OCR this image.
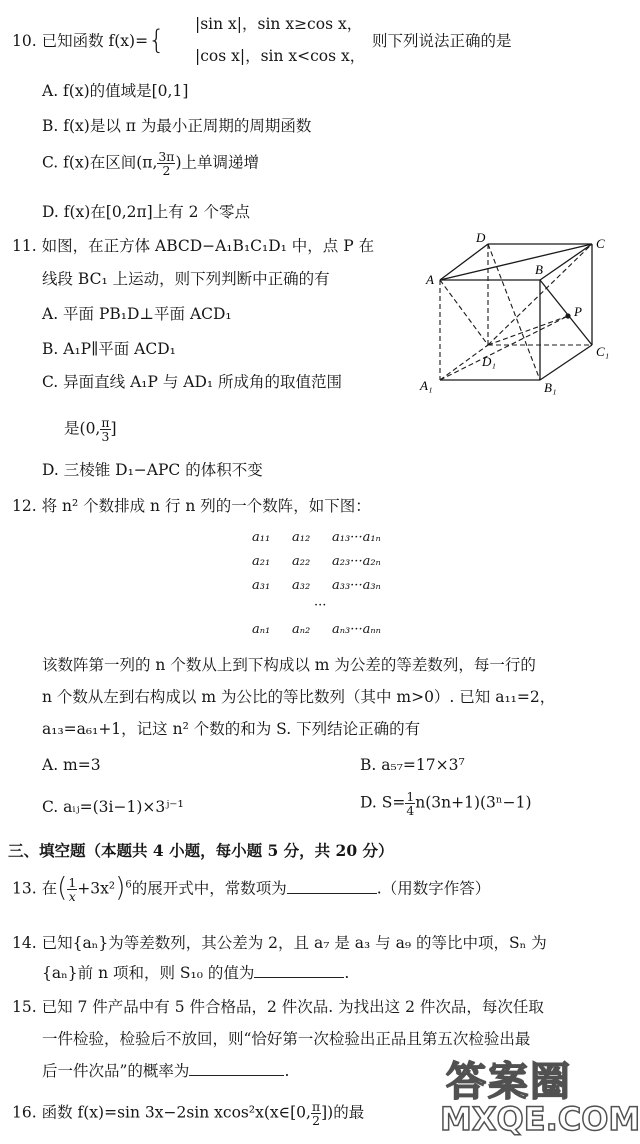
10. 已知函数 f(x)={
|sin x|，sin x≥cos x，
|cos x|，sin x<cos x，
则下列说法正确的是
A. f(x)的值域是[0,1]
B. f(x)是以 π 为最小正周期的周期函数
C. f(x)在区间(π, $\frac{3\pi}{2}$ )上单调递增
D. f(x)在[0,2π]上有 2 个零点
11. 如图，在正方体 ABCD−A₁B₁C₁D₁ 中，点 P 在
线段 BC₁ 上运动，则下列判断中正确的有
A. 平面 PB₁D⊥平面 ACD₁
B. A₁P∥平面 ACD₁
C. 异面直线 A₁P 与 AD₁ 所成角的取值范围
是(0, $\frac{\pi}{3}$ ]
D. 三棱锥 D₁−APC 的体积不变
A
D	C
B
P
C₁
D₁
A₁	B₁
12. 将 n² 个数排成 n 行 n 列的一个数阵，如下图：
a₁₁ a₁₂ a₁₃···a₁ₙ
a₂₁ a₂₂ a₂₃···a₂ₙ
a₃₁ a₃₂ a₃₃···a₃ₙ
···
aₙ₁ aₙ₂ aₙ₃···aₙₙ
该数阵第一列的 n 个数从上到下构成以 m 为公差的等差数列，每一行的
n 个数从左到右构成以 m 为公比的等比数列（其中 m>0）. 已知 a₁₁=2，
a₁₃=a₆₁+1，记这 n² 个数的和为 S. 下列结论正确的有
A. m=3	B. a₅₇=17×3⁷
C. aᵢⱼ=(3i−1)×3ʲ⁻¹	D. $S= \frac{1}{4} n(3n+1)(3^n-1)$
三、填空题（本题共 4 小题，每小题 5 分，共 20 分）
13. 在( $\frac{1}{x} +3x^2)^6$的展开式中，常数项为	.（用数字作答）
14. 已知{aₙ}为等差数列，其公差为 2，且 a₇ 是 a₃ 与 a₉ 的等比中项，Sₙ 为
{aₙ}前 n 项和，则 S₁₀ 的值为	.
15. 已知 7 件产品中有 5 件合格品，2 件次品. 为找出这 2 件次品，每次任取
一件检验，检验后不放回，则“恰好第一次检验出正品且第五次检验出最
后一件次品”的概率为	.
16. 函数 f(x)=sin 3x−2sin xcos²x(x∈[0, $\frac{\pi}{2}$ ])的最
答案圈
MXQE.COM
